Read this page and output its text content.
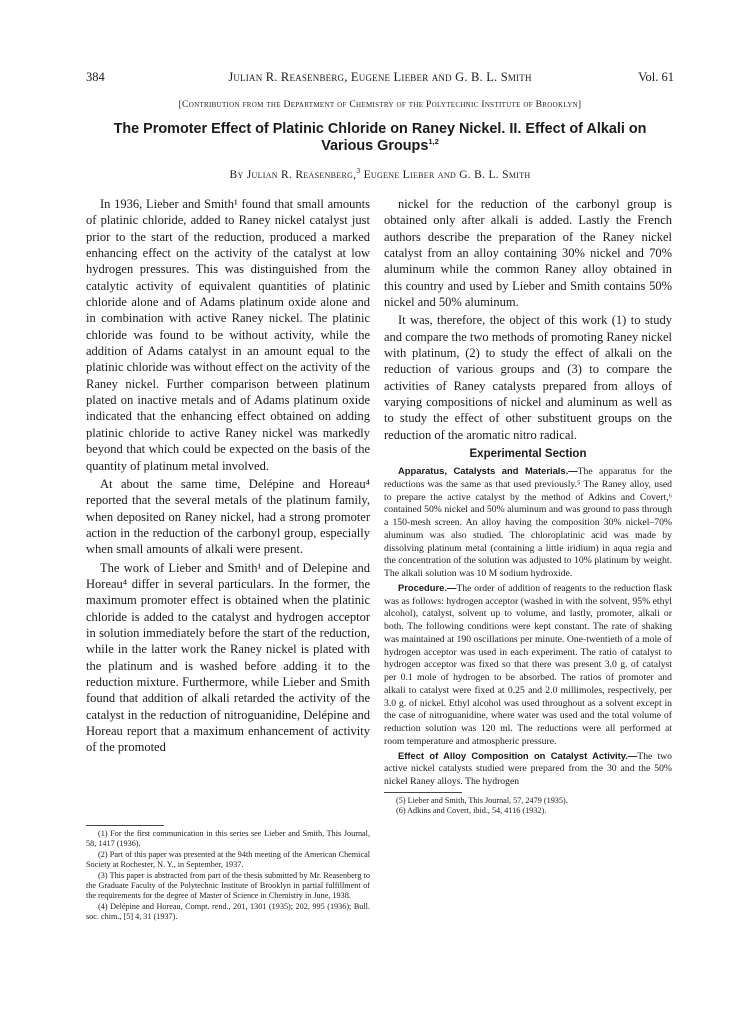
384	Julian R. Reasenberg, Eugene Lieber and G. B. L. Smith	Vol. 61
[Contribution from the Department of Chemistry of the Polytechnic Institute of Brooklyn]
The Promoter Effect of Platinic Chloride on Raney Nickel. II. Effect of Alkali on Various Groups$^{1,2}$
By Julian R. Reasenberg,$^3$ Eugene Lieber and G. B. L. Smith

In 1936, Lieber and Smith¹ found that small amounts of platinic chloride, added to Raney nickel catalyst just prior to the start of the reduction, produced a marked enhancing effect on the activity of the catalyst at low hydrogen pressures. This was distinguished from the catalytic activity of equivalent quantities of platinic chloride alone and of Adams platinum oxide alone and in combination with active Raney nickel. The platinic chloride was found to be without activity, while the addition of Adams catalyst in an amount equal to the platinic chloride was without effect on the activity of the Raney nickel. Further comparison between platinum plated on inactive metals and of Adams platinum oxide indicated that the enhancing effect obtained on adding platinic chloride to active Raney nickel was markedly beyond that which could be expected on the basis of the quantity of platinum metal involved.

At about the same time, Delépine and Horeau⁴ reported that the several metals of the platinum family, when deposited on Raney nickel, had a strong promoter action in the reduction of the carbonyl group, especially when small amounts of alkali were present.

The work of Lieber and Smith¹ and of Delepine and Horeau⁴ differ in several particulars. In the former, the maximum promoter effect is obtained when the platinic chloride is added to the catalyst and hydrogen acceptor in solution immediately before the start of the reduction, while in the latter work the Raney nickel is plated with the platinum and is washed before adding it to the reduction mixture. Furthermore, while Lieber and Smith found that addition of alkali retarded the activity of the catalyst in the reduction of nitroguanidine, Delépine and Horeau report that a maximum enhancement of activity of the promoted

(1) For the first communication in this series see Lieber and Smith, This Journal, 58, 1417 (1936).

(2) Part of this paper was presented at the 94th meeting of the American Chemical Society at Rochester, N. Y., in September, 1937.

(3) This paper is abstracted from part of the thesis submitted by Mr. Reasenberg to the Graduate Faculty of the Polytechnic Institute of Brooklyn in partial fulfillment of the requirements for the degree of Master of Science in Chemistry in June, 1938.

(4) Delépine and Horeau, Compt. rend., 201, 1301 (1935); 202, 995 (1936); Bull. soc. chim., [5] 4, 31 (1937).

nickel for the reduction of the carbonyl group is obtained only after alkali is added. Lastly the French authors describe the preparation of the Raney nickel catalyst from an alloy containing 30% nickel and 70% aluminum while the common Raney alloy obtained in this country and used by Lieber and Smith contains 50% nickel and 50% aluminum.

It was, therefore, the object of this work (1) to study and compare the two methods of promoting Raney nickel with platinum, (2) to study the effect of alkali on the reduction of various groups and (3) to compare the activities of Raney catalysts prepared from alloys of varying compositions of nickel and aluminum as well as to study the effect of other substituent groups on the reduction of the aromatic nitro radical.

Experimental Section

Apparatus, Catalysts and Materials.—The apparatus for the reductions was the same as that used previously.⁵ The Raney alloy, used to prepare the active catalyst by the method of Adkins and Covert,⁶ contained 50% nickel and 50% aluminum and was ground to pass through a 150-mesh screen. An alloy having the composition 30% nickel–70% aluminum was also studied. The chloroplatinic acid was made by dissolving platinum metal (containing a little iridium) in aqua regia and the concentration of the solution was adjusted to 10% platinum by weight. The alkali solution was 10 M sodium hydroxide.

Procedure.—The order of addition of reagents to the reduction flask was as follows: hydrogen acceptor (washed in with the solvent, 95% ethyl alcohol), catalyst, solvent up to volume, and lastly, promoter, alkali or both. The following conditions were kept constant. The rate of shaking was maintained at 190 oscillations per minute. One-twentieth of a mole of hydrogen acceptor was used in each experiment. The ratio of catalyst to hydrogen acceptor was fixed so that there was present 3.0 g. of catalyst per 0.1 mole of hydrogen to be absorbed. The ratios of promoter and alkali to catalyst were fixed at 0.25 and 2.0 millimoles, respectively, per 3.0 g. of nickel. Ethyl alcohol was used throughout as a solvent except in the case of nitroguanidine, where water was used and the total volume of reduction solution was 120 ml. The reductions were all performed at room temperature and atmospheric pressure.

Effect of Alloy Composition on Catalyst Activity.—The two active nickel catalysts studied were prepared from the 30 and the 50% nickel Raney alloys. The hydrogen

(5) Lieber and Smith, This Journal, 57, 2479 (1935).

(6) Adkins and Covert, ibid., 54, 4116 (1932).
